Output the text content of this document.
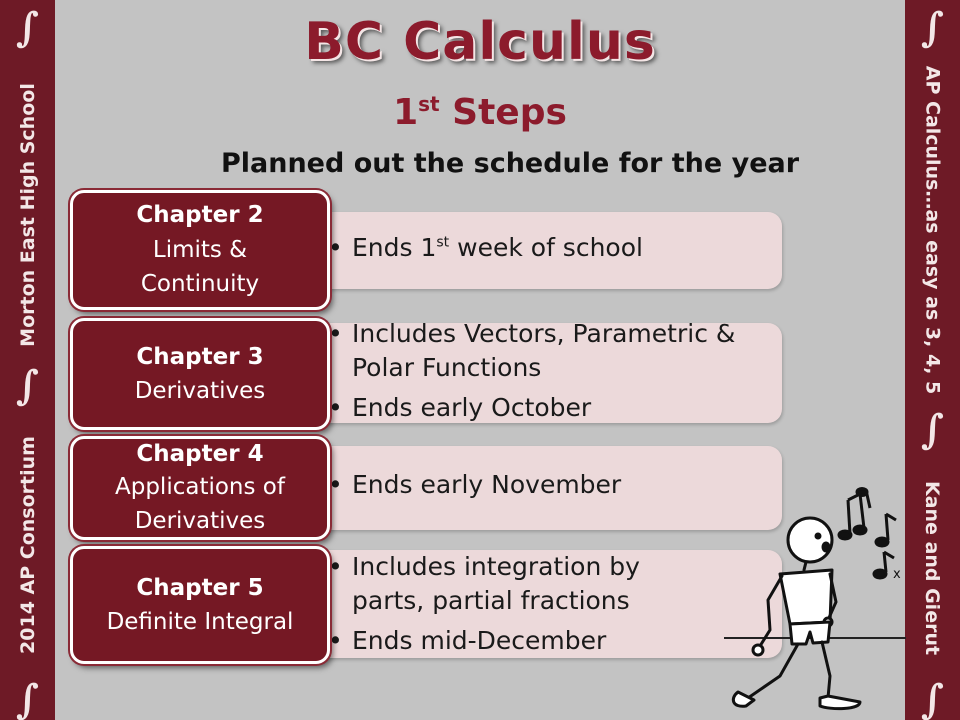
∫
Morton East High School
∫
2014 AP Consortium
∫
∫
AP Calculus…as easy as 3, 4, 5
∫
Kane and Gierut
∫
BC Calculus
1st Steps
Planned out the schedule for the year
• Ends 1st week of school
Chapter 2
Limits &
Continuity
• Includes Vectors, Parametric & Polar Functions
• Ends early October
Chapter 3
Derivatives
• Ends early November
Chapter 4
Applications of
Derivatives
• Includes integration by parts, partial fractions
• Ends mid-December
Chapter 5
Definite Integral
x
